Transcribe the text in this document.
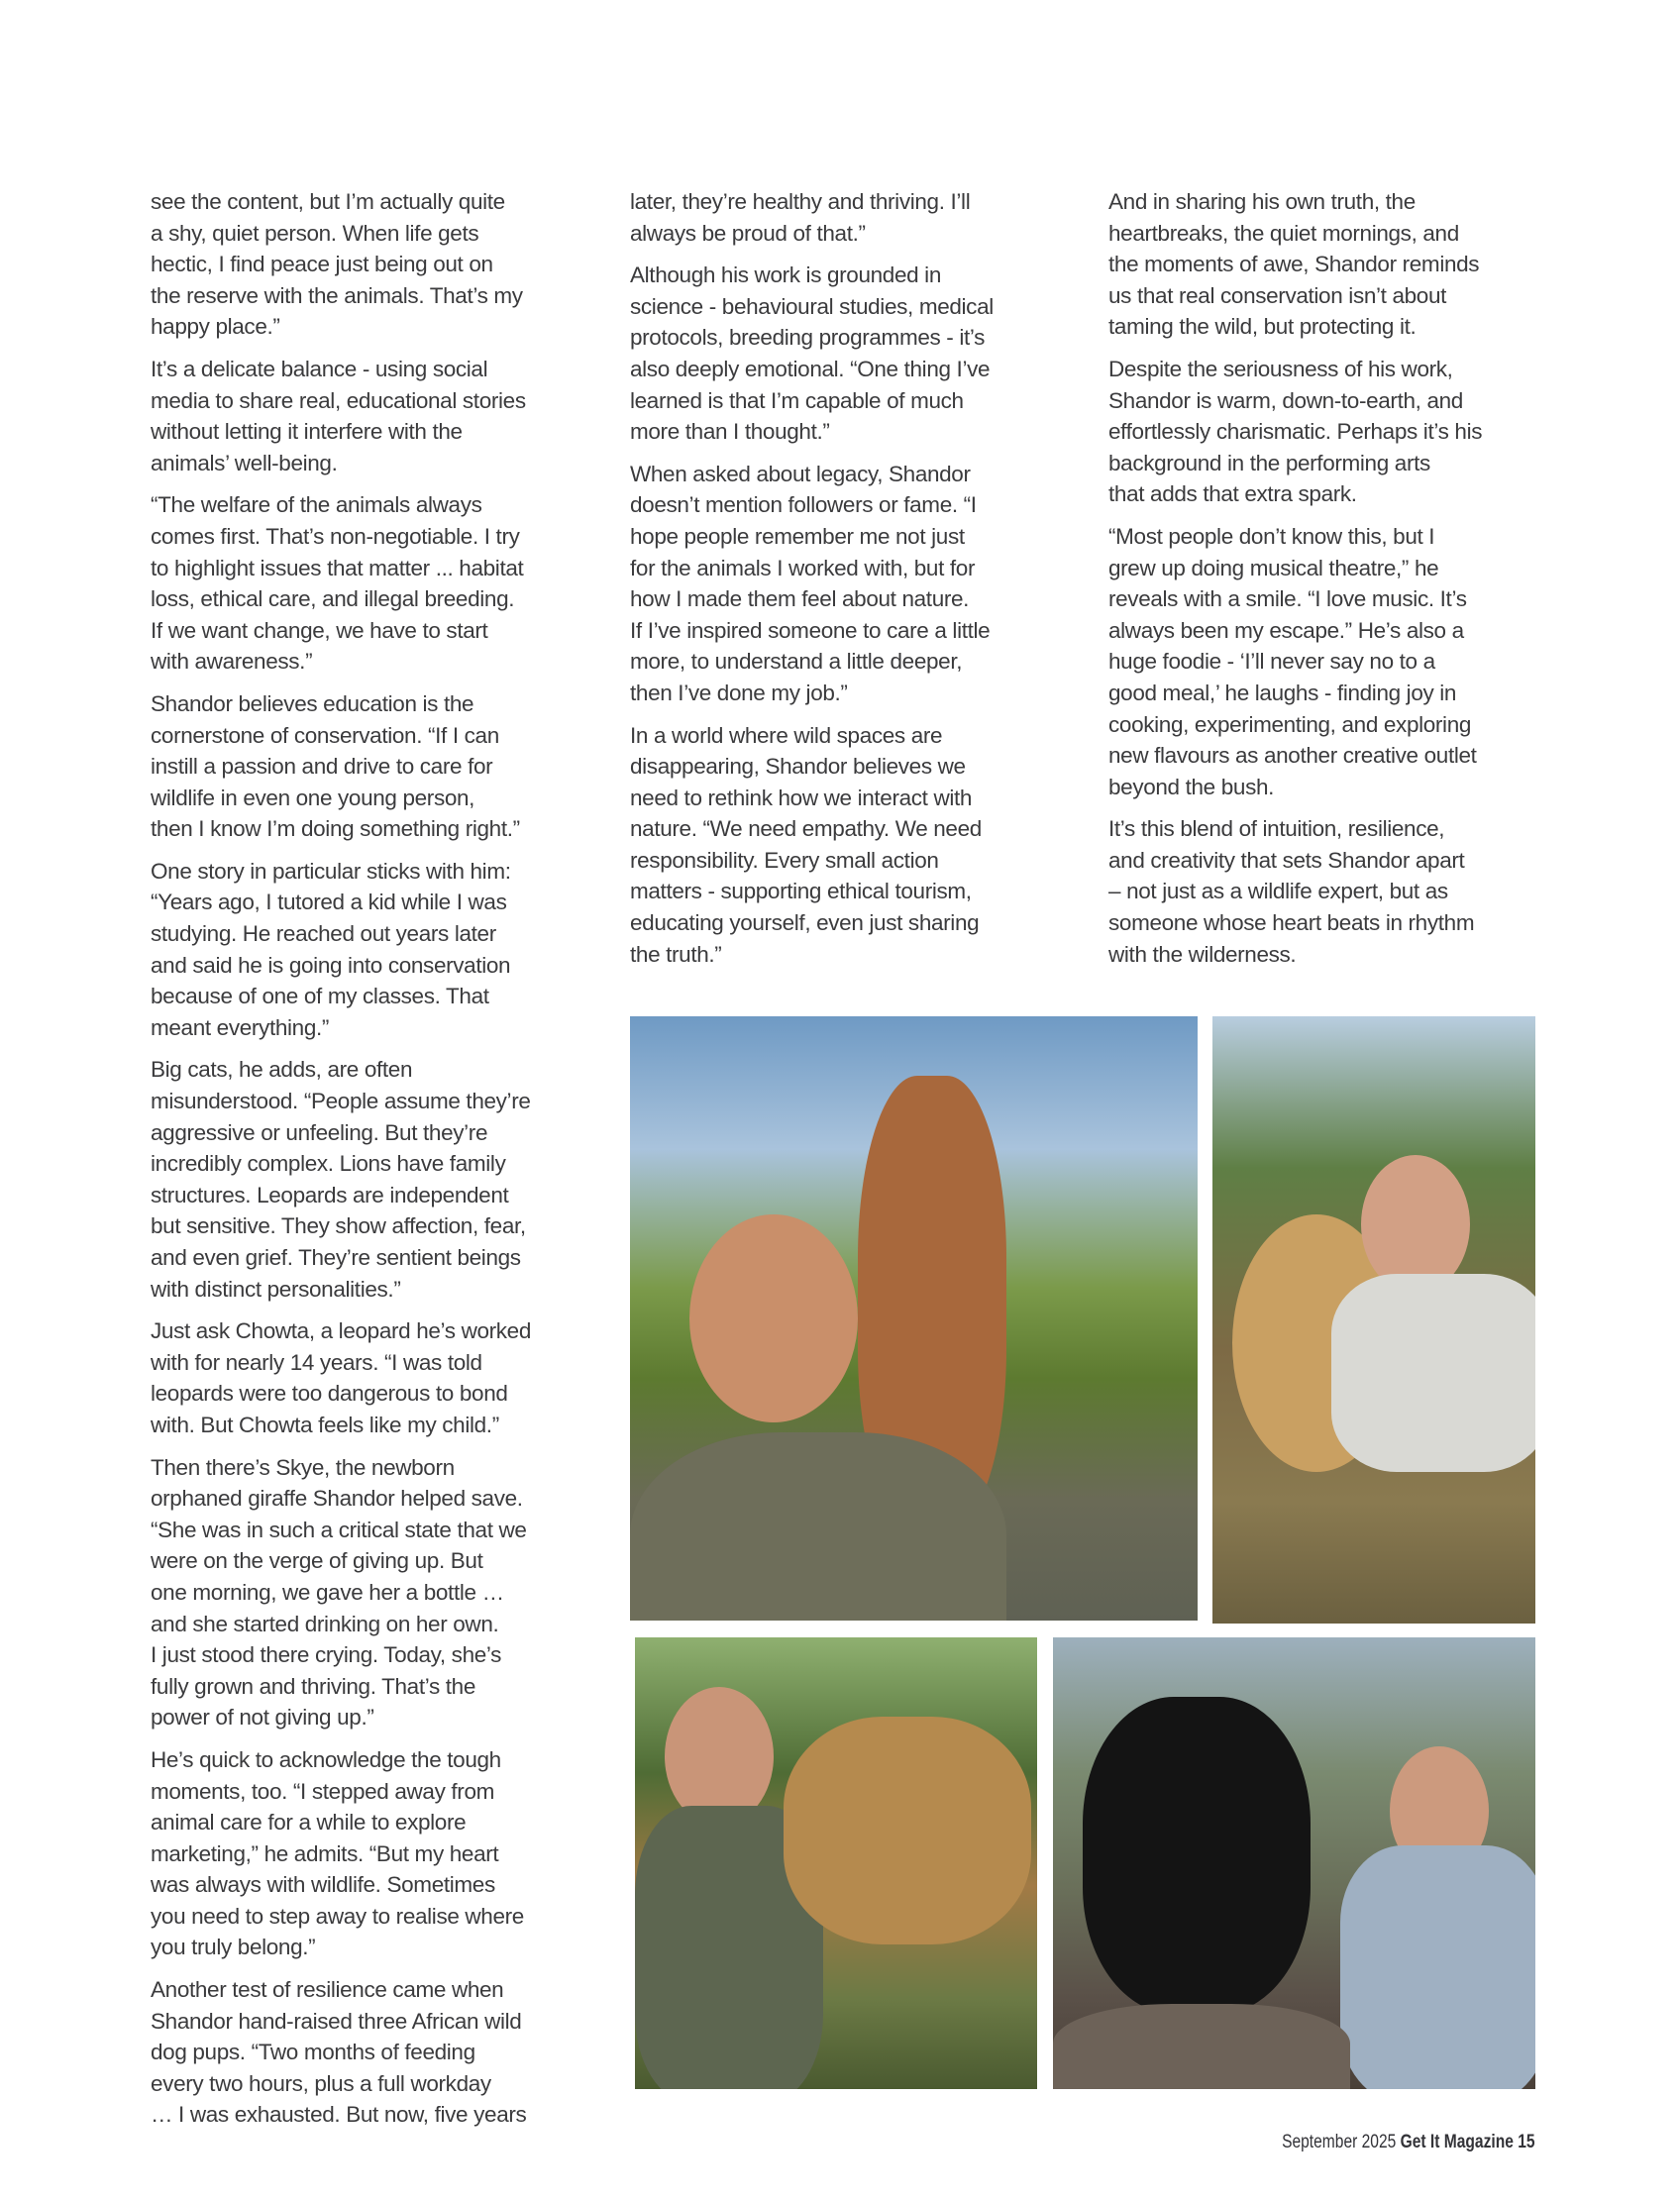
see the content, but I’m actually quite
a shy, quiet person. When life gets
hectic, I find peace just being out on
the reserve with the animals. That’s my
happy place.”

It’s a delicate balance - using social
media to share real, educational stories
without letting it interfere with the
animals’ well-being.

“The welfare of the animals always
comes first. That’s non-negotiable. I try
to highlight issues that matter ... habitat
loss, ethical care, and illegal breeding.
If we want change, we have to start
with awareness.”

Shandor believes education is the
cornerstone of conservation. “If I can
instill a passion and drive to care for
wildlife in even one young person,
then I know I’m doing something right.”

One story in particular sticks with him:
“Years ago, I tutored a kid while I was
studying. He reached out years later
and said he is going into conservation
because of one of my classes. That
meant everything.”

Big cats, he adds, are often
misunderstood. “People assume they’re
aggressive or unfeeling. But they’re
incredibly complex. Lions have family
structures. Leopards are independent
but sensitive. They show affection, fear,
and even grief. They’re sentient beings
with distinct personalities.”

Just ask Chowta, a leopard he’s worked
with for nearly 14 years. “I was told
leopards were too dangerous to bond
with. But Chowta feels like my child.”

Then there’s Skye, the newborn
orphaned giraffe Shandor helped save.
“She was in such a critical state that we
were on the verge of giving up. But
one morning, we gave her a bottle …
and she started drinking on her own.
I just stood there crying. Today, she’s
fully grown and thriving. That’s the
power of not giving up.”

He’s quick to acknowledge the tough
moments, too. “I stepped away from
animal care for a while to explore
marketing,” he admits. “But my heart
was always with wildlife. Sometimes
you need to step away to realise where
you truly belong.”

Another test of resilience came when
Shandor hand-raised three African wild
dog pups. “Two months of feeding
every two hours, plus a full workday
… I was exhausted. But now, five years

later, they’re healthy and thriving. I’ll
always be proud of that.”

Although his work is grounded in
science - behavioural studies, medical
protocols, breeding programmes - it’s
also deeply emotional. “One thing I’ve
learned is that I’m capable of much
more than I thought.”

When asked about legacy, Shandor
doesn’t mention followers or fame. “I
hope people remember me not just
for the animals I worked with, but for
how I made them feel about nature.
If I’ve inspired someone to care a little
more, to understand a little deeper,
then I’ve done my job.”

In a world where wild spaces are
disappearing, Shandor believes we
need to rethink how we interact with
nature. “We need empathy. We need
responsibility. Every small action
matters - supporting ethical tourism,
educating yourself, even just sharing
the truth.”

And in sharing his own truth, the
heartbreaks, the quiet mornings, and
the moments of awe, Shandor reminds
us that real conservation isn’t about
taming the wild, but protecting it.

Despite the seriousness of his work,
Shandor is warm, down-to-earth, and
effortlessly charismatic. Perhaps it’s his
background in the performing arts
that adds that extra spark.

“Most people don’t know this, but I
grew up doing musical theatre,” he
reveals with a smile. “I love music. It’s
always been my escape.” He’s also a
huge foodie - ‘I’ll never say no to a
good meal,’ he laughs - finding joy in
cooking, experimenting, and exploring
new flavours as another creative outlet
beyond the bush.

It’s this blend of intuition, resilience,
and creativity that sets Shandor apart
– not just as a wildlife expert, but as
someone whose heart beats in rhythm
with the wilderness.

September 2025 Get It Magazine 15
